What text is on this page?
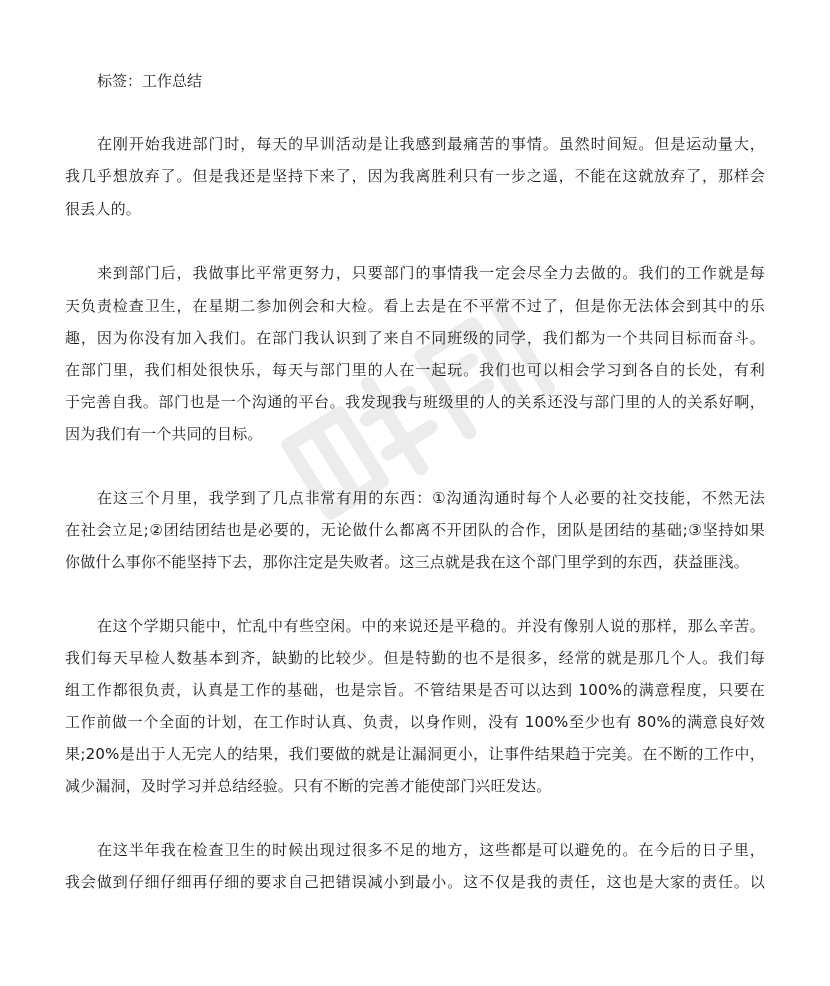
标签：工作总结
在刚开始我进部门时，每天的早训活动是让我感到最痛苦的事情。虽然时间短。但是运动量大，
我几乎想放弃了。但是我还是坚持下来了，因为我离胜利只有一步之遥，不能在这就放弃了，那样会
很丢人的。
来到部门后，我做事比平常更努力，只要部门的事情我一定会尽全力去做的。我们的工作就是每
天负责检查卫生，在星期二参加例会和大检。看上去是在不平常不过了，但是你无法体会到其中的乐
趣，因为你没有加入我们。在部门我认识到了来自不同班级的同学，我们都为一个共同目标而奋斗。
在部门里，我们相处很快乐，每天与部门里的人在一起玩。我们也可以相会学习到各自的长处，有利
于完善自我。部门也是一个沟通的平台。我发现我与班级里的人的关系还没与部门里的人的关系好啊，
因为我们有一个共同的目标。
在这三个月里，我学到了几点非常有用的东西：①沟通沟通时每个人必要的社交技能，不然无法
在社会立足;②团结团结也是必要的，无论做什么都离不开团队的合作，团队是团结的基础;③坚持如果
你做什么事你不能坚持下去，那你注定是失败者。这三点就是我在这个部门里学到的东西，获益匪浅。
在这个学期只能中，忙乱中有些空闲。中的来说还是平稳的。并没有像别人说的那样，那么辛苦。
我们每天早检人数基本到齐，缺勤的比较少。但是特勤的也不是很多，经常的就是那几个人。我们每
组工作都很负责，认真是工作的基础，也是宗旨。不管结果是否可以达到 100%的满意程度，只要在
工作前做一个全面的计划，在工作时认真、负责，以身作则，没有 100%至少也有 80%的满意良好效
果;20%是出于人无完人的结果，我们要做的就是让漏洞更小，让事件结果趋于完美。在不断的工作中，
减少漏洞，及时学习并总结经验。只有不断的完善才能使部门兴旺发达。
在这半年我在检查卫生的时候出现过很多不足的地方，这些都是可以避免的。在今后的日子里，
我会做到仔细仔细再仔细的要求自己把错误减小到最小。这不仅是我的责任，这也是大家的责任。以
